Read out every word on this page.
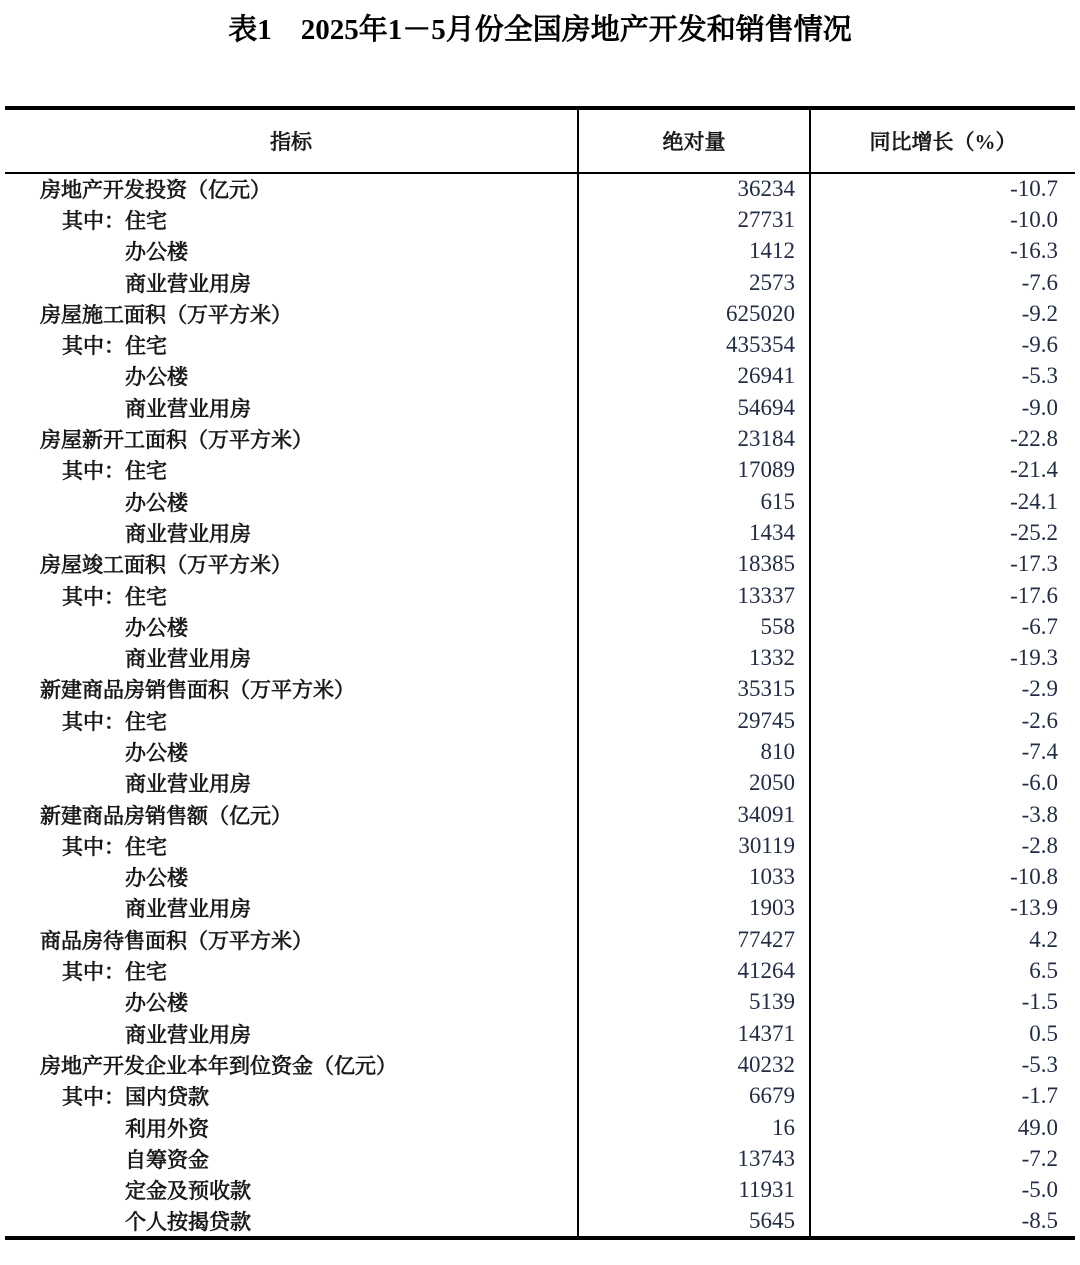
表1　2025年1－5月份全国房地产开发和销售情况
指标	绝对量	同比增长（%）
房地产开发投资（亿元）	36234	-10.7
其中：住宅	27731	-10.0
办公楼	1412	-16.3
商业营业用房	2573	-7.6
房屋施工面积（万平方米）	625020	-9.2
其中：住宅	435354	-9.6
办公楼	26941	-5.3
商业营业用房	54694	-9.0
房屋新开工面积（万平方米）	23184	-22.8
其中：住宅	17089	-21.4
办公楼	615	-24.1
商业营业用房	1434	-25.2
房屋竣工面积（万平方米）	18385	-17.3
其中：住宅	13337	-17.6
办公楼	558	-6.7
商业营业用房	1332	-19.3
新建商品房销售面积（万平方米）	35315	-2.9
其中：住宅	29745	-2.6
办公楼	810	-7.4
商业营业用房	2050	-6.0
新建商品房销售额（亿元）	34091	-3.8
其中：住宅	30119	-2.8
办公楼	1033	-10.8
商业营业用房	1903	-13.9
商品房待售面积（万平方米）	77427	4.2
其中：住宅	41264	6.5
办公楼	5139	-1.5
商业营业用房	14371	0.5
房地产开发企业本年到位资金（亿元）	40232	-5.3
其中：国内贷款	6679	-1.7
利用外资	16	49.0
自筹资金	13743	-7.2
定金及预收款	11931	-5.0
个人按揭贷款	5645	-8.5
